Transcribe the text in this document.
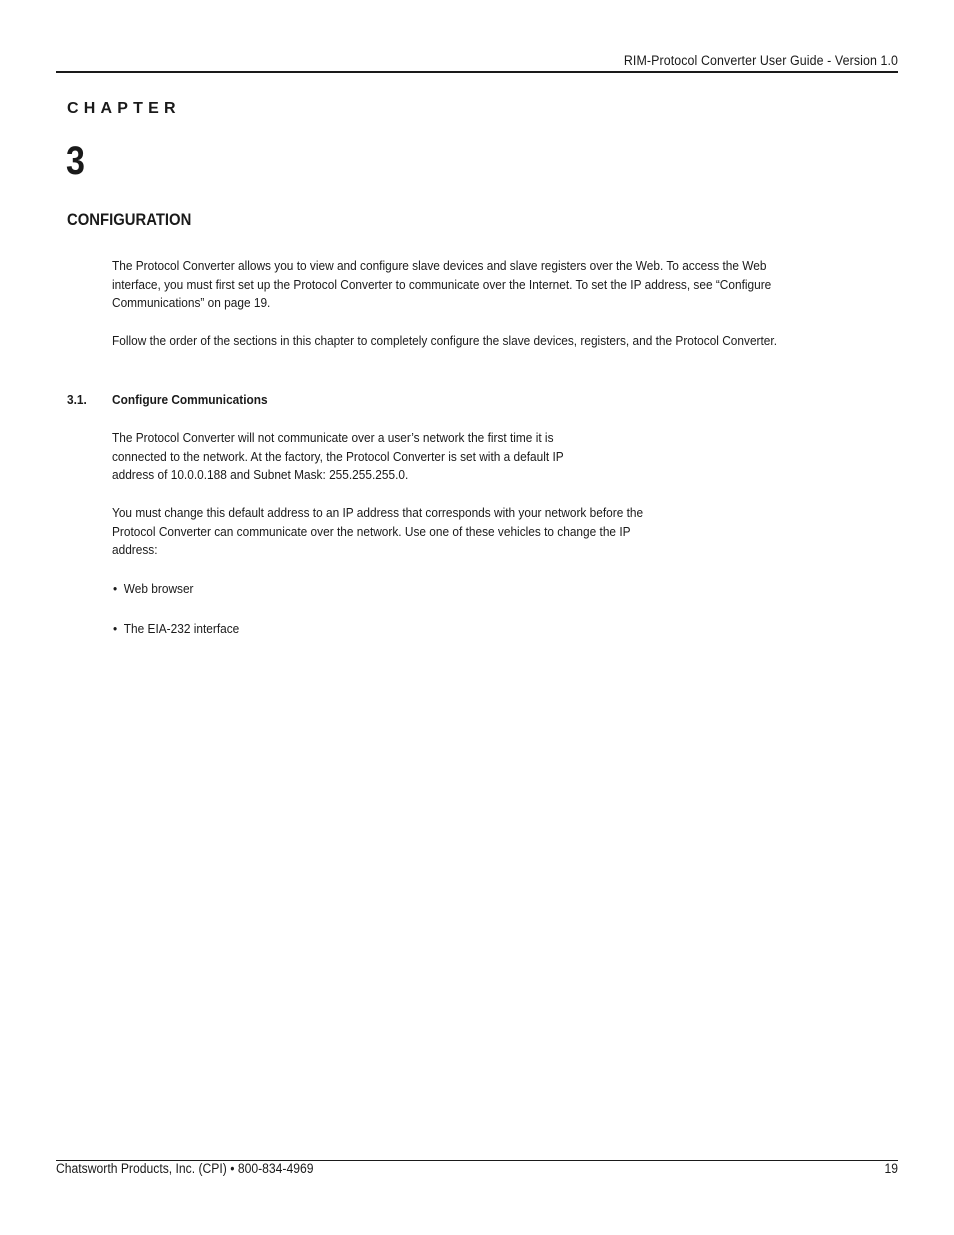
RIM-Protocol Converter User Guide - Version 1.0
CHAPTER
3
CONFIGURATION

The Protocol Converter allows you to view and configure slave devices and slave registers over the Web. To access the Web interface, you must first set up the Protocol Converter to communicate over the Internet. To set the IP address, see “Configure Communications” on page 19.

Follow the order of the sections in this chapter to completely configure the slave devices, registers, and the Protocol Converter.

3.1. Configure Communications

The Protocol Converter will not communicate over a user’s network the first time it is connected to the network. At the factory, the Protocol Converter is set with a default IP address of 10.0.0.188 and Subnet Mask: 255.255.255.0.

You must change this default address to an IP address that corresponds with your network before the Protocol Converter can communicate over the network. Use one of these vehicles to change the IP address:

• Web browser
• The EIA-232 interface
Chatsworth Products, Inc. (CPI) • 800-834-4969	19
